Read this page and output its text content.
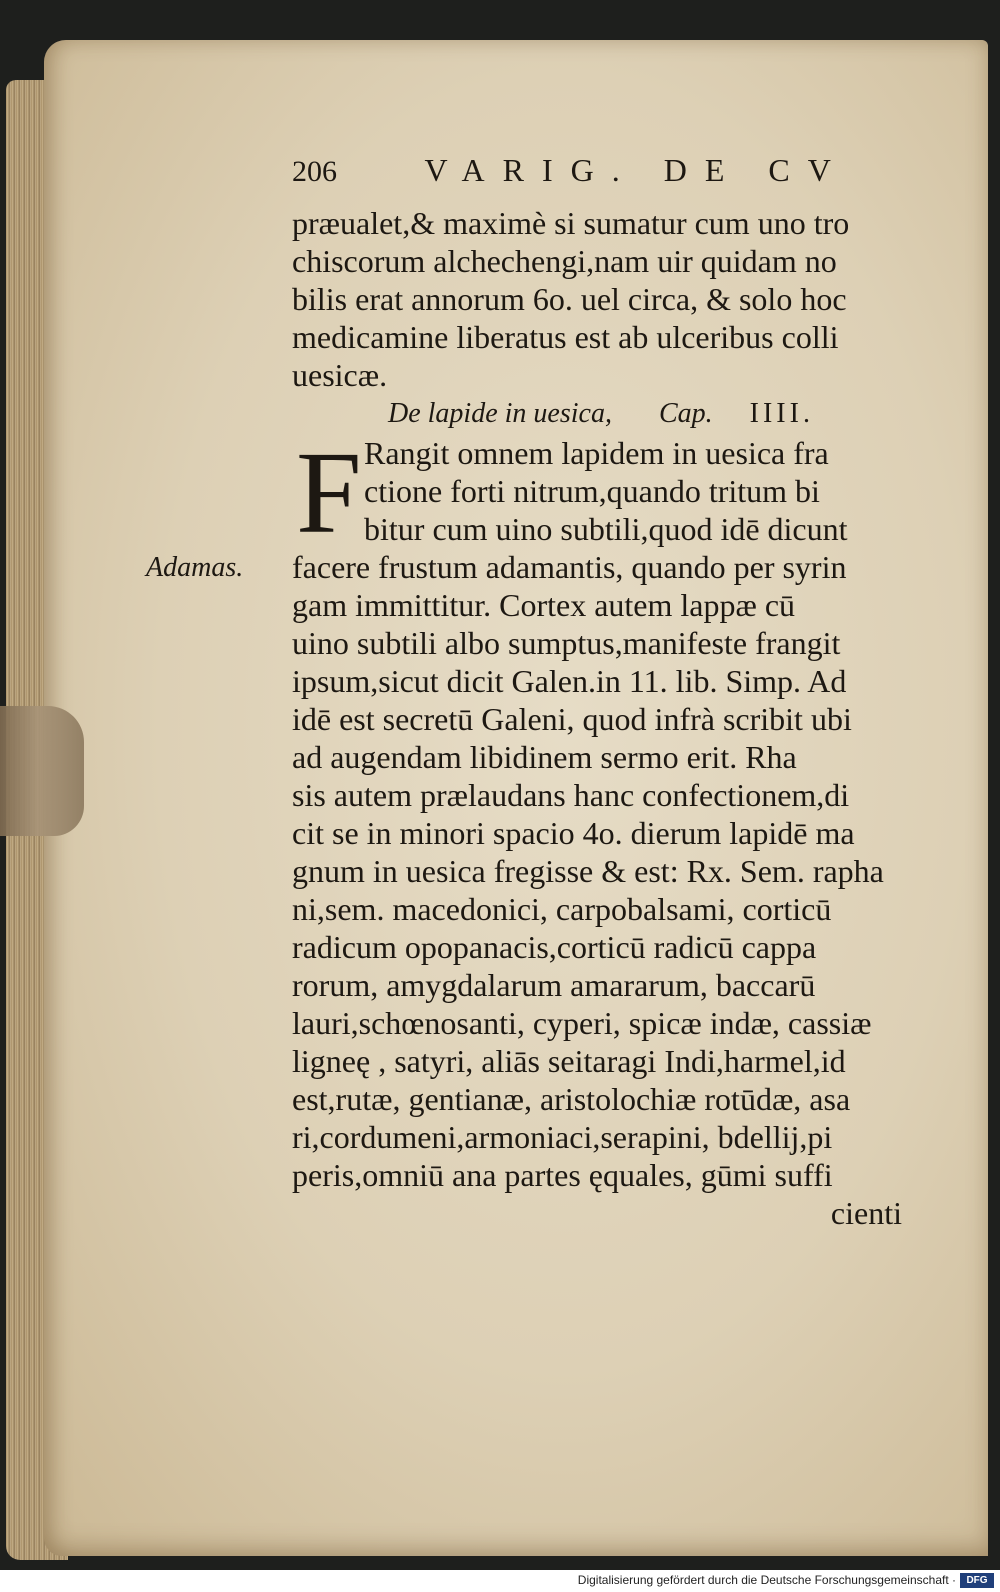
206	VARIG. DE CV
Adamas.
præualet,& maximè si sumatur cum uno tro
chiscorum alchechengi,nam uir quidam no
bilis erat annorum 6o. uel circa, & solo hoc
medicamine liberatus est ab ulceribus colli
uesicæ.
De lapide in uesica, Cap. IIII.
F Rangit omnem lapidem in uesica fra
ctione forti nitrum,quando tritum bi
bitur cum uino subtili,quod idē dicunt
facere frustum adamantis, quando per syrin
gam immittitur. Cortex autem lappæ cū
uino subtili albo sumptus,manifeste frangit
ipsum,sicut dicit Galen.in 11. lib. Simp. Ad
idē est secretū Galeni, quod infrà scribit ubi
ad augendam libidinem sermo erit. Rha
sis autem prælaudans hanc confectionem,di
cit se in minori spacio 4o. dierum lapidē ma
gnum in uesica fregisse & est: Rx. Sem. rapha
ni,sem. macedonici, carpobalsami, corticū
radicum opopanacis,corticū radicū cappa
rorum, amygdalarum amararum, baccarū
lauri,schœnosanti, cyperi, spicæ indæ, cassiæ
ligneę , satyri, aliās seitaragi Indi,harmel,id
est,rutæ, gentianæ, aristolochiæ rotūdæ, asa
ri,cordumeni,armoniaci,serapini, bdellij,pi
peris,omniū ana partes ęquales, gūmi suffi
cienti
Digitalisierung gefördert durch die Deutsche Forschungsgemeinschaft ·	DFG
